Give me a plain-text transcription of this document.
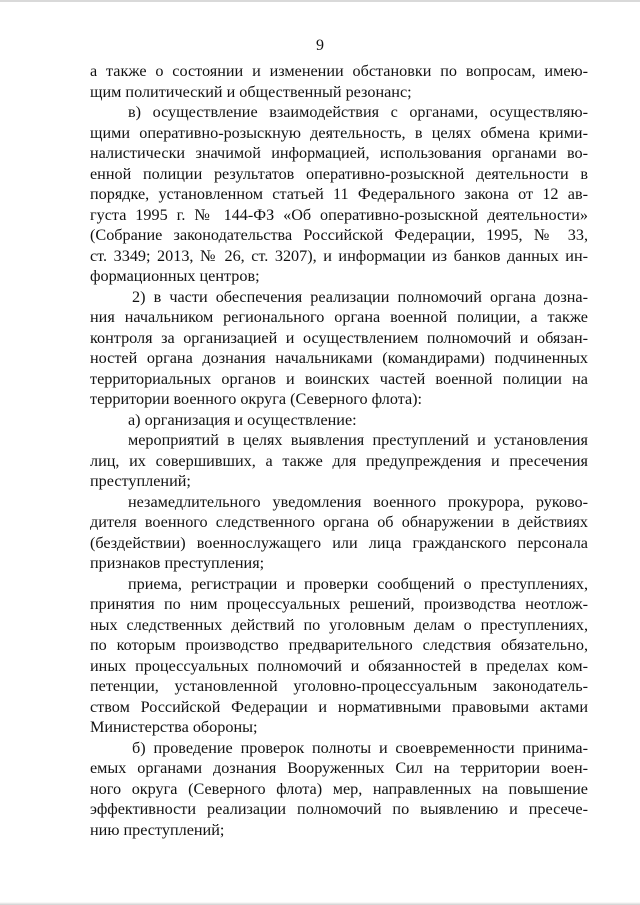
9
а также о состоянии и изменении обстановки по вопросам, имею-
щим политический и общественный резонанс;
в) осуществление взаимодействия с органами, осуществляю-
щими оперативно-розыскную деятельность, в целях обмена крими-
налистически значимой информацией, использования органами во-
енной полиции результатов оперативно-розыскной деятельности в
порядке, установленном статьей 11 Федерального закона от 12 ав-
густа 1995 г. № 144-ФЗ «Об оперативно-розыскной деятельности»
(Собрание законодательства Российской Федерации, 1995, № 33,
ст. 3349; 2013, № 26, ст. 3207), и информации из банков данных ин-
формационных центров;
2) в части обеспечения реализации полномочий органа дозна-
ния начальником регионального органа военной полиции, а также
контроля за организацией и осуществлением полномочий и обязан-
ностей органа дознания начальниками (командирами) подчиненных
территориальных органов и воинских частей военной полиции на
территории военного округа (Северного флота):
а) организация и осуществление:
мероприятий в целях выявления преступлений и установления
лиц, их совершивших, а также для предупреждения и пресечения
преступлений;
незамедлительного уведомления военного прокурора, руково-
дителя военного следственного органа об обнаружении в действиях
(бездействии) военнослужащего или лица гражданского персонала
признаков преступления;
приема, регистрации и проверки сообщений о преступлениях,
принятия по ним процессуальных решений, производства неотлож-
ных следственных действий по уголовным делам о преступлениях,
по которым производство предварительного следствия обязательно,
иных процессуальных полномочий и обязанностей в пределах ком-
петенции, установленной уголовно-процессуальным законодатель-
ством Российской Федерации и нормативными правовыми актами
Министерства обороны;
б) проведение проверок полноты и своевременности принима-
емых органами дознания Вооруженных Сил на территории воен-
ного округа (Северного флота) мер, направленных на повышение
эффективности реализации полномочий по выявлению и пресече-
нию преступлений;
